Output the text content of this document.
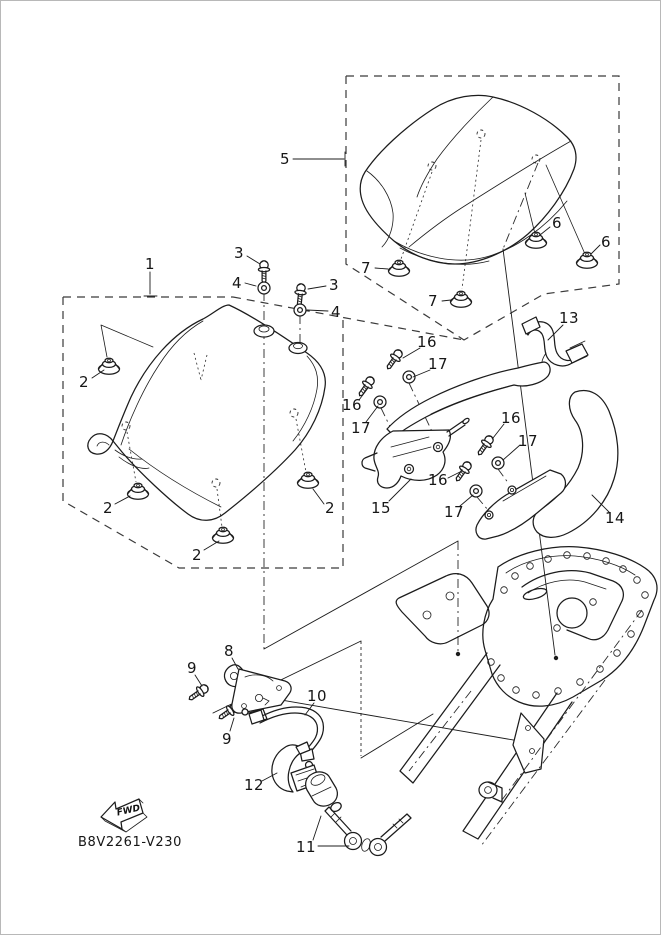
FWD
1
2
2
2
2
3
3
4
4
5
6
6
7
7
8
9
9
10
11
12
13
14
15
16
16
16
16
17
17
17
17
B8V2261-V230
